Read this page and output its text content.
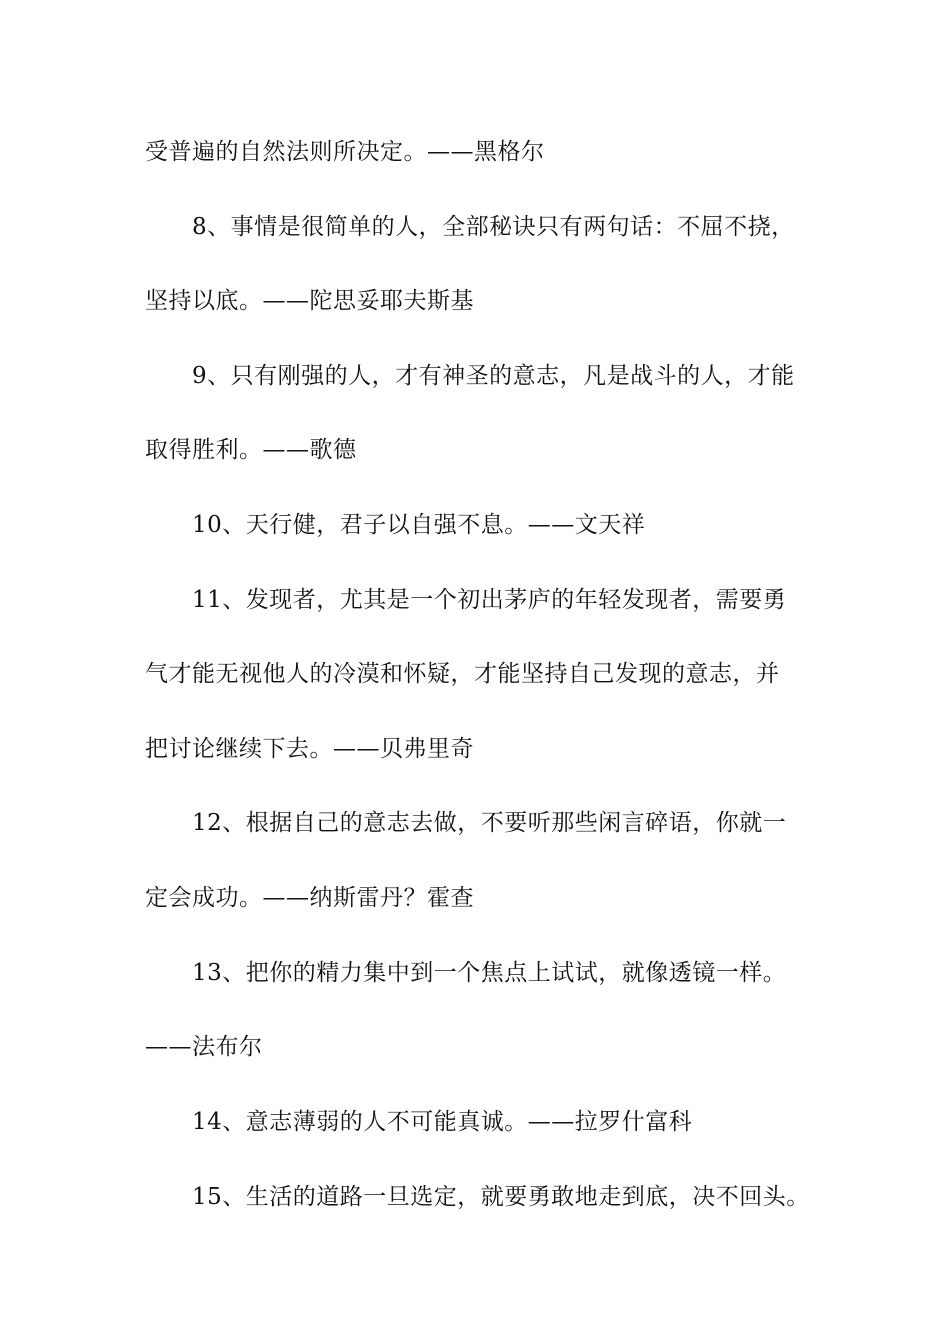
受普遍的自然法则所决定。——黑格尔
8、事情是很简单的人，全部秘诀只有两句话：不屈不挠，
坚持以底。——陀思妥耶夫斯基
9、只有刚强的人，才有神圣的意志，凡是战斗的人，才能
取得胜利。——歌德
10、天行健，君子以自强不息。——文天祥
11、发现者，尤其是一个初出茅庐的年轻发现者，需要勇
气才能无视他人的冷漠和怀疑，才能坚持自己发现的意志，并
把讨论继续下去。——贝弗里奇
12、根据自己的意志去做，不要听那些闲言碎语，你就一
定会成功。——纳斯雷丹？霍查
13、把你的精力集中到一个焦点上试试，就像透镜一样。
——法布尔
14、意志薄弱的人不可能真诚。——拉罗什富科
15、生活的道路一旦选定，就要勇敢地走到底，决不回头。
